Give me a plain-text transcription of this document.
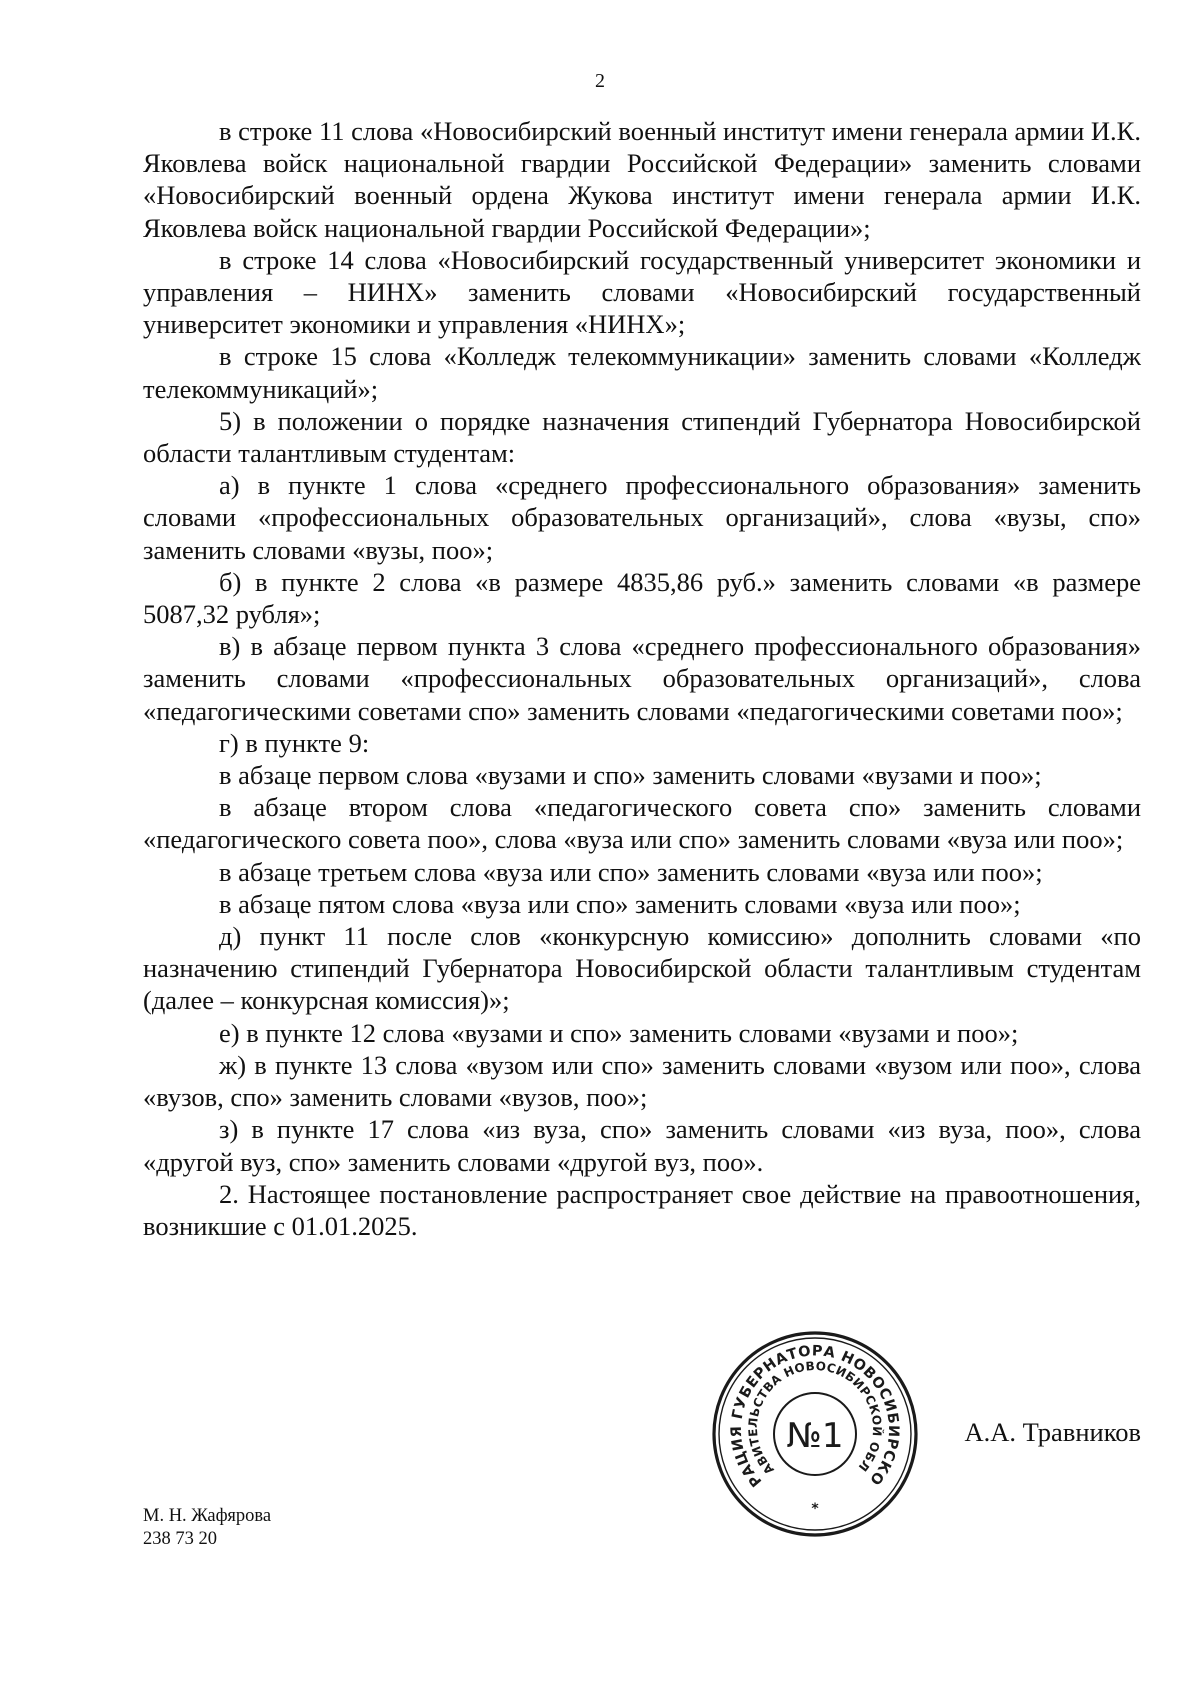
2

в строке 11 слова «Новосибирский военный институт имени генерала армии И.К. Яковлева войск национальной гвардии Российской Федерации» заменить словами «Новосибирский военный ордена Жукова институт имени генерала армии И.К. Яковлева войск национальной гвардии Российской Федерации»;

в строке 14 слова «Новосибирский государственный университет экономики и управления – НИНХ» заменить словами «Новосибирский государственный университет экономики и управления «НИНХ»;

в строке 15 слова «Колледж телекоммуникации» заменить словами «Колледж телекоммуникаций»;

5) в положении о порядке назначения стипендий Губернатора Новосибирской области талантливым студентам:

а) в пункте 1 слова «среднего профессионального образования» заменить словами «профессиональных образовательных организаций», слова «вузы, спо» заменить словами «вузы, поо»;

б) в пункте 2 слова «в размере 4835,86 руб.» заменить словами «в размере 5087,32 рубля»;

в) в абзаце первом пункта 3 слова «среднего профессионального образования» заменить словами «профессиональных образовательных организаций», слова «педагогическими советами спо» заменить словами «педагогическими советами поо»;

г) в пункте 9:

в абзаце первом слова «вузами и спо» заменить словами «вузами и поо»;

в абзаце втором слова «педагогического совета спо» заменить словами «педагогического совета поо», слова «вуза или спо» заменить словами «вуза или поо»;

в абзаце третьем слова «вуза или спо» заменить словами «вуза или поо»;

в абзаце пятом слова «вуза или спо» заменить словами «вуза или поо»;

д) пункт 11 после слов «конкурсную комиссию» дополнить словами «по назначению стипендий Губернатора Новосибирской области талантливым студентам (далее – конкурсная комиссия)»;

е) в пункте 12 слова «вузами и спо» заменить словами «вузами и поо»;

ж) в пункте 13 слова «вузом или спо» заменить словами «вузом или поо», слова «вузов, спо» заменить словами «вузов, поо»;

з) в пункте 17 слова «из вуза, спо» заменить словами «из вуза, поо», слова «другой вуз, спо» заменить словами «другой вуз, поо».

2. Настоящее постановление распространяет свое действие на правоотношения, возникшие с 01.01.2025.

РАЦИЯ ГУБЕРНАТОРА НОВОСИБИРСКО
АВИТЕЛЬСТВА НОВОСИБИРСКОЙ ОБЛ
№1
*
А.А. Травников
М. Н. Жафярова
238 73 20
